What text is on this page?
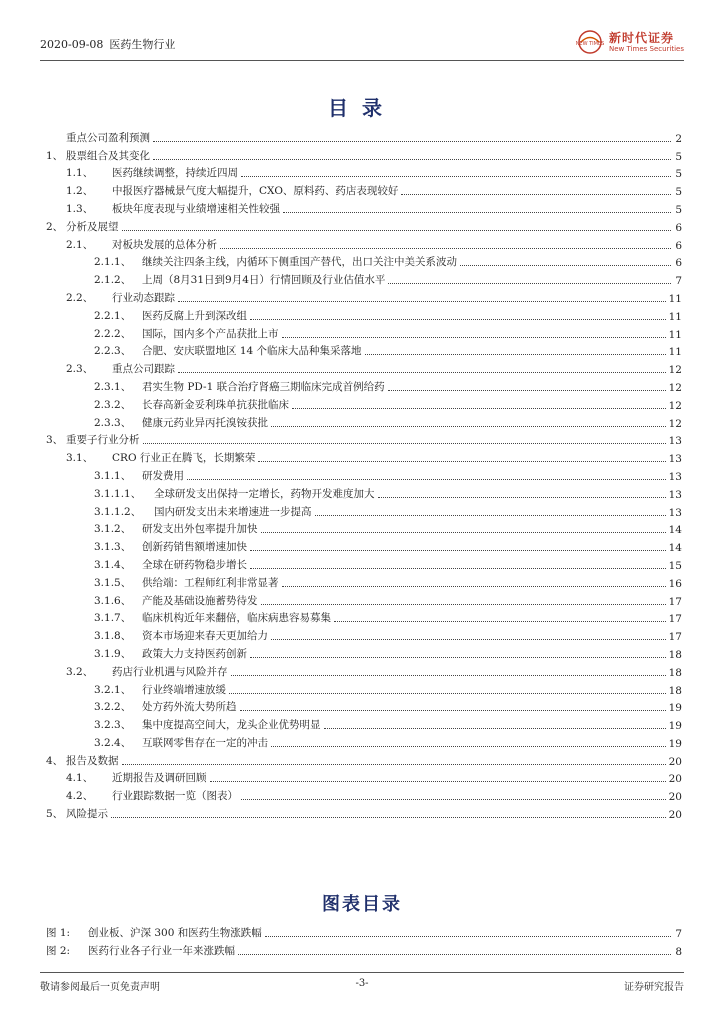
2020-09-08 医药生物行业	NEW TIMES 新时代证券
New Times Securities
目录
重点公司盈利预测	2
1、 股票组合及其变化	5
1.1、	医药继续调整，持续近四周	5
1.2、	中报医疗器械景气度大幅提升，CXO、原料药、药店表现较好	5
1.3、	板块年度表现与业绩增速相关性较强	5
2、 分析及展望	6
2.1、	对板块发展的总体分析	6
2.1.1、	继续关注四条主线，内循环下侧重国产替代，出口关注中美关系波动	6
2.1.2、	上周（8月31日到9月4日）行情回顾及行业估值水平	7
2.2、	行业动态跟踪	11
2.2.1、	医药反腐上升到深改组	11
2.2.2、	国际，国内多个产品获批上市	11
2.2.3、	合肥、安庆联盟地区 14 个临床大品种集采落地	11
2.3、	重点公司跟踪	12
2.3.1、	君实生物 PD-1 联合治疗肾癌三期临床完成首例给药	12
2.3.2、	长春高新金妥利珠单抗获批临床	12
2.3.3、	健康元药业异丙托溴铵获批	12
3、 重要子行业分析	13
3.1、	CRO 行业正在腾飞，长期繁荣	13
3.1.1、	研发费用	13
3.1.1.1、	全球研发支出保持一定增长，药物开发难度加大	13
3.1.1.2、	国内研发支出未来增速进一步提高	13
3.1.2、	研发支出外包率提升加快	14
3.1.3、	创新药销售额增速加快	14
3.1.4、	全球在研药物稳步增长	15
3.1.5、	供给端：工程师红利非常显著	16
3.1.6、	产能及基础设施蓄势待发	17
3.1.7、	临床机构近年来翻倍，临床病患容易募集	17
3.1.8、	资本市场迎来春天更加给力	17
3.1.9、	政策大力支持医药创新	18
3.2、	药店行业机遇与风险并存	18
3.2.1、	行业终端增速放缓	18
3.2.2、	处方药外流大势所趋	19
3.2.3、	集中度提高空间大，龙头企业优势明显	19
3.2.4、	互联网零售存在一定的冲击	19
4、 报告及数据	20
4.1、	近期报告及调研回顾	20
4.2、	行业跟踪数据一览（图表）	20
5、 风险提示	20
图表目录
图 1:	创业板、沪深 300 和医药生物涨跌幅	7
图 2:	医药行业各子行业一年来涨跌幅	8
敬请参阅最后一页免责声明	-3-	证券研究报告
